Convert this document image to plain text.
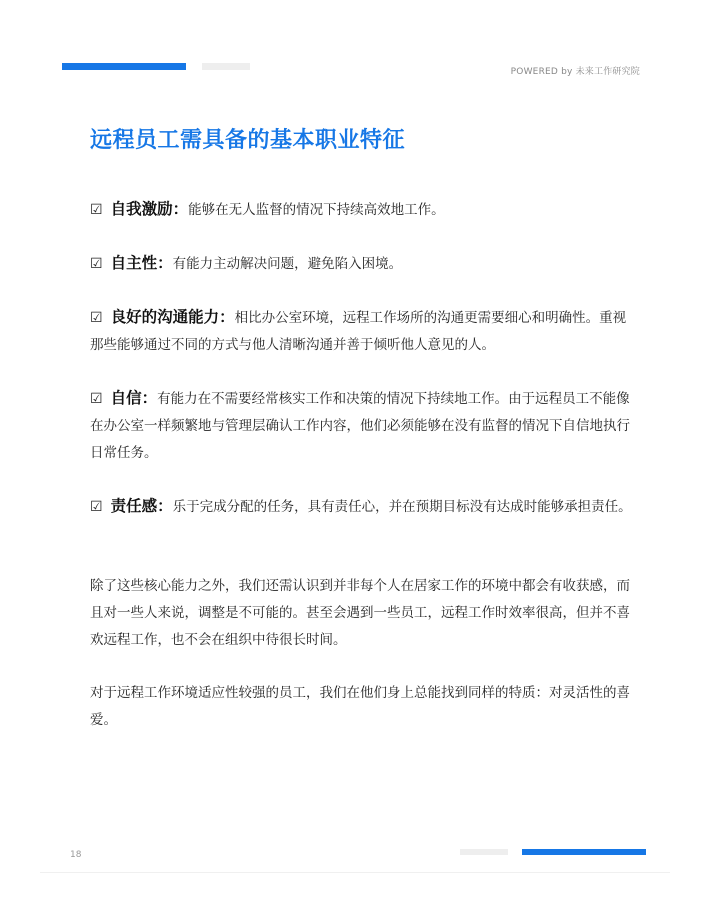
POWERED by 未来工作研究院
远程员工需具备的基本职业特征

☑ 自我激励：能够在无人监督的情况下持续高效地工作。

☑ 自主性：有能力主动解决问题，避免陷入困境。

☑ 良好的沟通能力：相比办公室环境，远程工作场所的沟通更需要细心和明确性。重视那些能够通过不同的方式与他人清晰沟通并善于倾听他人意见的人。

☑ 自信：有能力在不需要经常核实工作和决策的情况下持续地工作。由于远程员工不能像在办公室一样频繁地与管理层确认工作内容，他们必须能够在没有监督的情况下自信地执行日常任务。

☑ 责任感：乐于完成分配的任务，具有责任心，并在预期目标没有达成时能够承担责任。

除了这些核心能力之外，我们还需认识到并非每个人在居家工作的环境中都会有收获感，而且对一些人来说，调整是不可能的。甚至会遇到一些员工，远程工作时效率很高，但并不喜欢远程工作，也不会在组织中待很长时间。

对于远程工作环境适应性较强的员工，我们在他们身上总能找到同样的特质：对灵活性的喜爱。

18
